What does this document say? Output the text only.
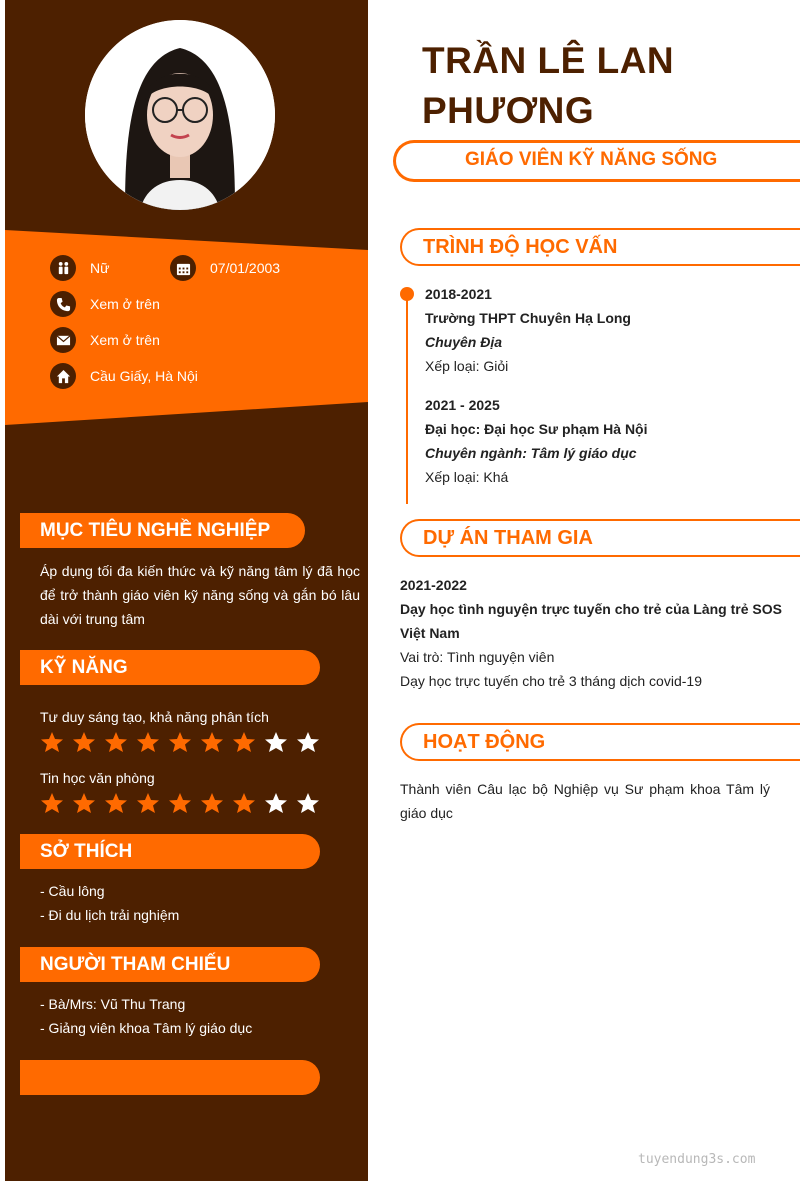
Nữ	07/01/2003
Xem ở trên
Xem ở trên
Cầu Giấy, Hà Nội
MỤC TIÊU NGHỀ NGHIỆP
Áp dụng tối đa kiến thức và kỹ năng tâm lý đã học để trở thành giáo viên kỹ năng sống và gắn bó lâu dài với trung tâm
KỸ NĂNG
Tư duy sáng tạo, khả năng phân tích
Tin học văn phòng
SỞ THÍCH
- Cầu lông
- Đi du lịch trải nghiệm
NGƯỜI THAM CHIẾU
- Bà/Mrs: Vũ Thu Trang
- Giảng viên khoa Tâm lý giáo dục
TRẦN LÊ LAN
PHƯƠNG
GIÁO VIÊN KỸ NĂNG SỐNG
TRÌNH ĐỘ HỌC VẤN
2018-2021
Trường THPT Chuyên Hạ Long
Chuyên Địa
Xếp loại: Giỏi
2021 - 2025
Đại học: Đại học Sư phạm Hà Nội
Chuyên ngành: Tâm lý giáo dục
Xếp loại: Khá
DỰ ÁN THAM GIA
2021-2022
Dạy học tình nguyện trực tuyến cho trẻ của Làng trẻ SOS
Việt Nam
Vai trò: Tình nguyện viên
Dạy học trực tuyến cho trẻ 3 tháng dịch covid-19
HOẠT ĐỘNG
Thành viên Câu lạc bộ Nghiệp vụ Sư phạm khoa Tâm lý giáo dục
tuyendung3s.com
